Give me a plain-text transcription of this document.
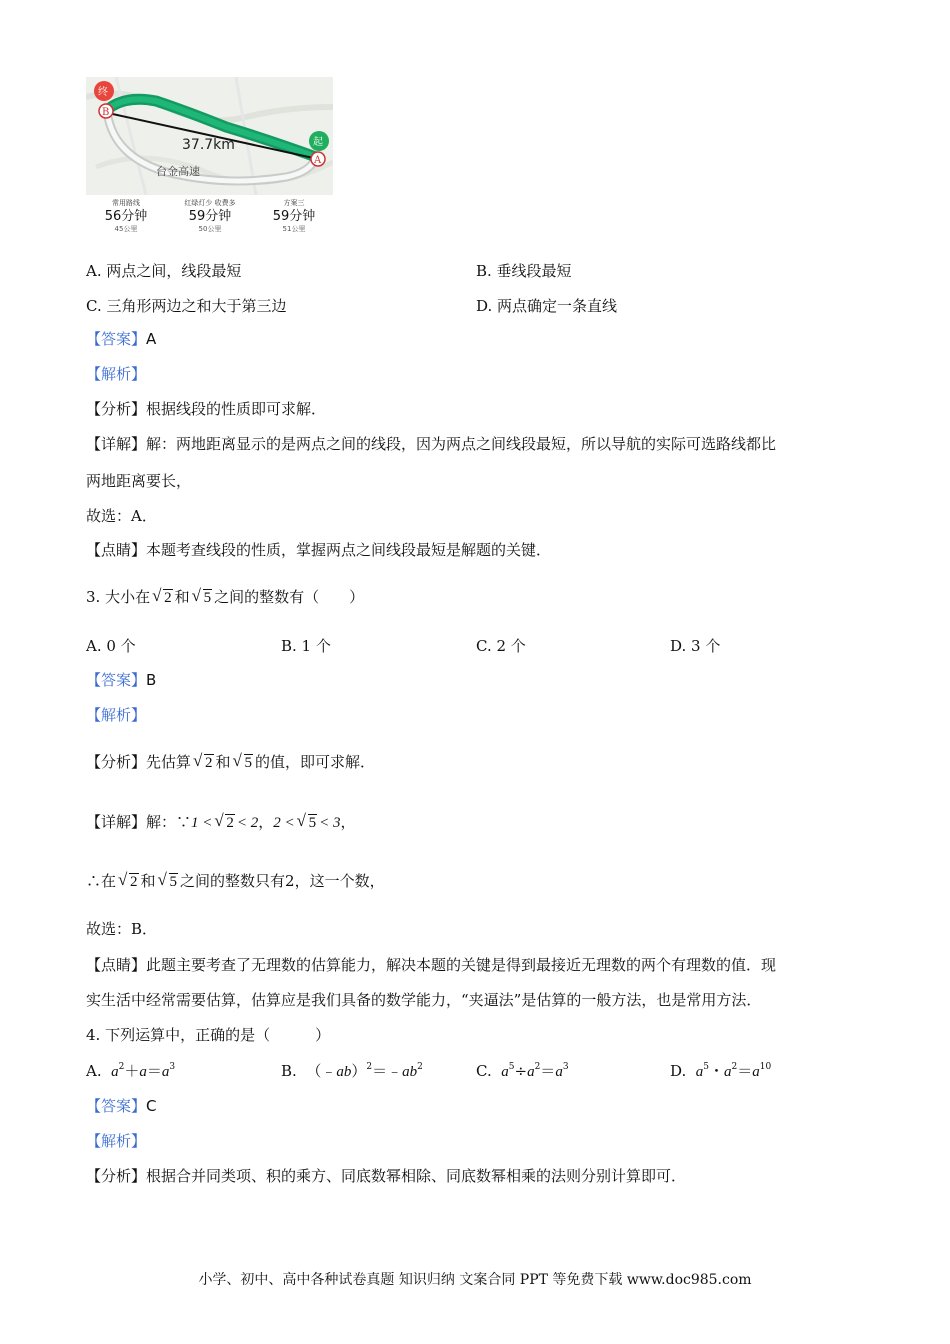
终
起
B
A
37.7km
台金高速
常用路线
56分钟
45公里
红绿灯少 收费多
59分钟
50公里
方案三
59分钟
51公里
A. 两点之间，线段最短	B. 垂线段最短
C. 三角形两边之和大于第三边	D. 两点确定一条直线
【答案】A
【解析】
【分析】根据线段的性质即可求解．
【详解】解：两地距离显示的是两点之间的线段，因为两点之间线段最短，所以导航的实际可选路线都比
两地距离要长，
故选：A．
【点睛】本题考查线段的性质，掌握两点之间线段最短是解题的关键．
3. 大小在 √ 2 和 √ 5 之间的整数有（　　）
A. 0 个	B. 1 个	C. 2 个	D. 3 个
【答案】B
【解析】
【分析】先估算 √ 2 和 √ 5 的值，即可求解．
【详解】解：∵1 < √ 2 < 2，2 < √ 5 < 3，
∴在 √ 2 和 √ 5 之间的整数只有2，这一个数，
故选：B．
【点睛】此题主要考查了无理数的估算能力，解决本题的关键是得到最接近无理数的两个有理数的值．现
实生活中经常需要估算，估算应是我们具备的数学能力，“夹逼法”是估算的一般方法，也是常用方法．
4. 下列运算中，正确的是（　　　）
A.  $a^2+a=a^3$	B.  $(﹣ab)^2=﹣ab^2$	C.  $a^5\div a^2=a^3$	D.  $a^5$・$a^2=a^{10}$
【答案】C
【解析】
【分析】根据合并同类项、积的乘方、同底数幂相除、同底数幂相乘的法则分别计算即可．
小学、初中、高中各种试卷真题 知识归纳 文案合同 PPT 等免费下载 www.doc985.com
